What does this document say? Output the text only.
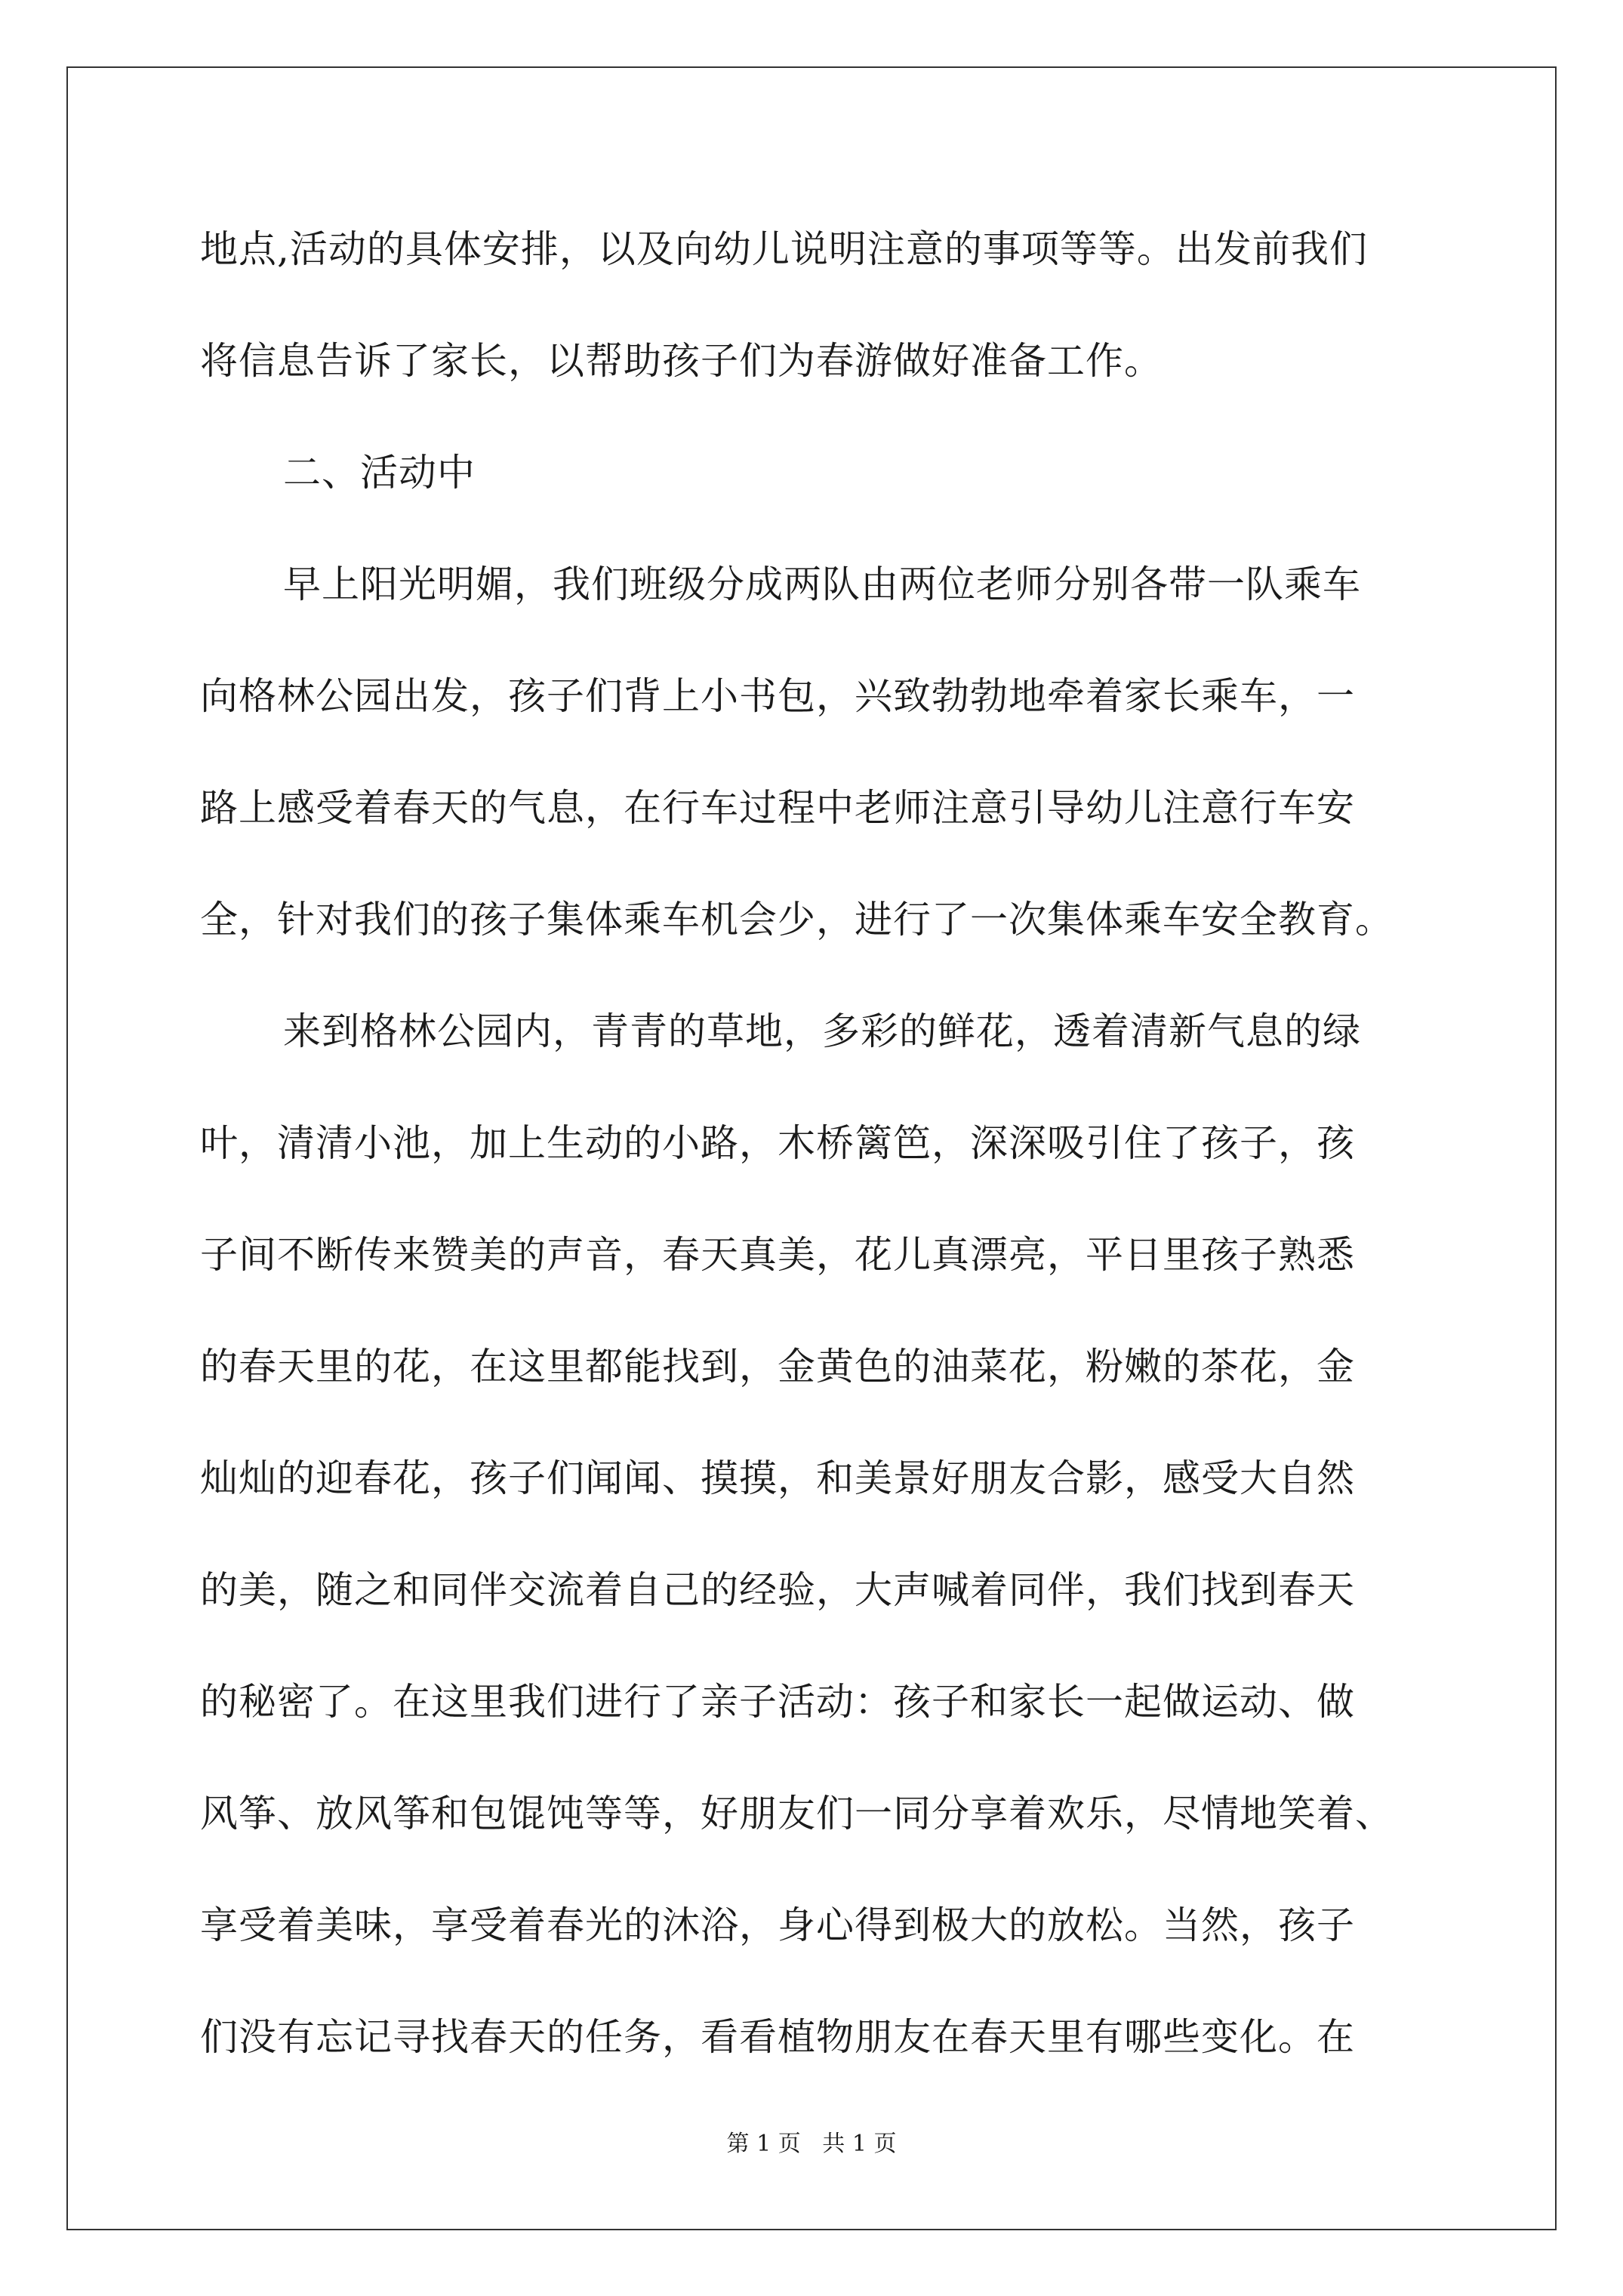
地点,活动的具体安排，以及向幼儿说明注意的事项等等。出发前我们
将信息告诉了家长，以帮助孩子们为春游做好准备工作。
二、活动中
早上阳光明媚，我们班级分成两队由两位老师分别各带一队乘车
向格林公园出发，孩子们背上小书包，兴致勃勃地牵着家长乘车，一
路上感受着春天的气息，在行车过程中老师注意引导幼儿注意行车安
全，针对我们的孩子集体乘车机会少，进行了一次集体乘车安全教育。
来到格林公园内，青青的草地，多彩的鲜花，透着清新气息的绿
叶，清清小池，加上生动的小路，木桥篱笆，深深吸引住了孩子，孩
子间不断传来赞美的声音，春天真美，花儿真漂亮，平日里孩子熟悉
的春天里的花，在这里都能找到，金黄色的油菜花，粉嫩的茶花，金
灿灿的迎春花，孩子们闻闻、摸摸，和美景好朋友合影，感受大自然
的美，随之和同伴交流着自己的经验，大声喊着同伴，我们找到春天
的秘密了。在这里我们进行了亲子活动：孩子和家长一起做运动、做
风筝、放风筝和包馄饨等等，好朋友们一同分享着欢乐，尽情地笑着、
享受着美味，享受着春光的沐浴，身心得到极大的放松。当然，孩子
们没有忘记寻找春天的任务，看看植物朋友在春天里有哪些变化。在
第 1 页   共 1 页
